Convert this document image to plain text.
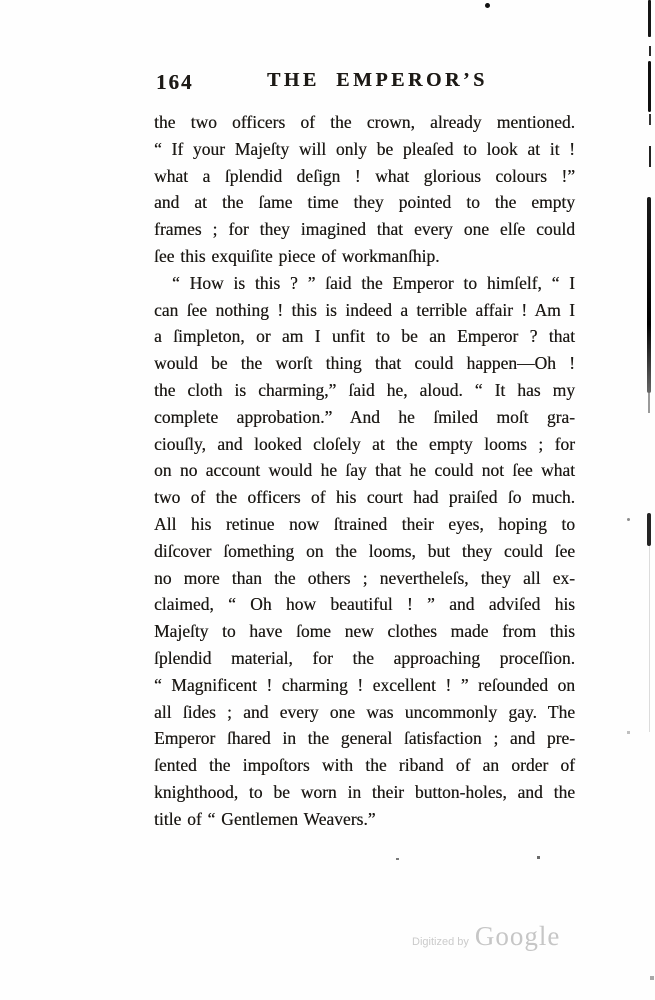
164	THE EMPEROR’S
the two officers of the crown, already mentioned.
“ If your Majeſty will only be pleaſed to look at it !
what a ſplendid deſign ! what glorious colours !”
and at the ſame time they pointed to the empty
frames ; for they imagined that every one elſe could
ſee this exquiſite piece of workmanſhip.
“ How is this ? ” ſaid the Emperor to himſelf, “ I
can ſee nothing ! this is indeed a terrible affair ! Am I
a ſimpleton, or am I unfit to be an Emperor ? that
would be the worſt thing that could happen—Oh !
the cloth is charming,” ſaid he, aloud. “ It has my
complete approbation.” And he ſmiled moſt gra-
ciouſly, and looked cloſely at the empty looms ; for
on no account would he ſay that he could not ſee what
two of the officers of his court had praiſed ſo much.
All his retinue now ſtrained their eyes, hoping to
diſcover ſomething on the looms, but they could ſee
no more than the others ; nevertheleſs, they all ex-
claimed, “ Oh how beautiful ! ” and adviſed his
Majeſty to have ſome new clothes made from this
ſplendid material, for the approaching proceſſion.
“ Magnificent ! charming ! excellent ! ” reſounded on
all ſides ; and every one was uncommonly gay. The
Emperor ſhared in the general ſatisfaction ; and pre-
ſented the impoſtors with the riband of an order of
knighthood, to be worn in their button-holes, and the
title of “ Gentlemen Weavers.”
Digitized by Google
